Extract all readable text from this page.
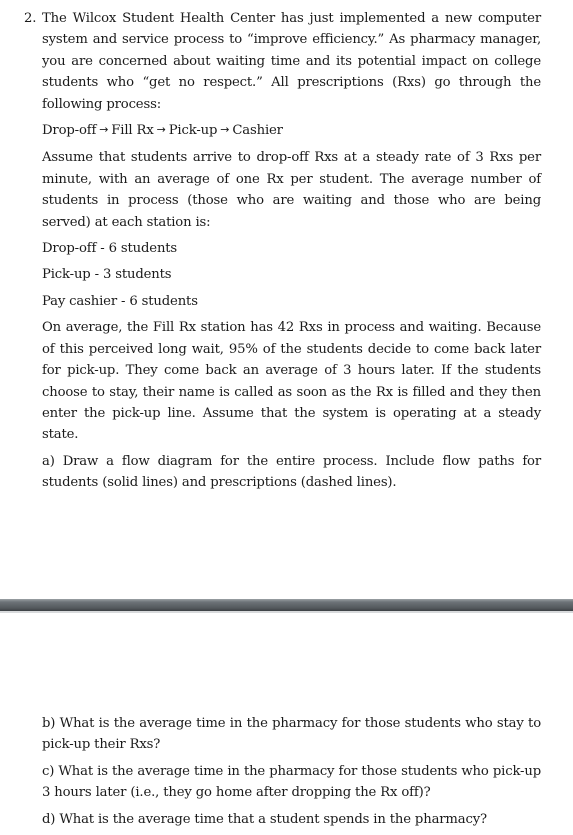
2. The Wilcox Student Health Center has just implemented a new computer system and service process to “improve efficiency.” As pharmacy manager, you are concerned about waiting time and its potential impact on college students who “get no respect.” All prescriptions (Rxs) go through the following process:

Drop-off → Fill Rx → Pick-up → Cashier

Assume that students arrive to drop-off Rxs at a steady rate of 3 Rxs per minute, with an average of one Rx per student. The average number of students in process (those who are waiting and those who are being served) at each station is:

Drop-off - 6 students
Pick-up - 3 students
Pay cashier - 6 students

On average, the Fill Rx station has 42 Rxs in process and waiting. Because of this perceived long wait, 95% of the students decide to come back later for pick-up. They come back an average of 3 hours later. If the students choose to stay, their name is called as soon as the Rx is filled and they then enter the pick-up line. Assume that the system is operating at a steady state.

a) Draw a flow diagram for the entire process. Include flow paths for students (solid lines) and prescriptions (dashed lines).

b) What is the average time in the pharmacy for those students who stay to pick-up their Rxs?

c) What is the average time in the pharmacy for those students who pick-up 3 hours later (i.e., they go home after dropping the Rx off)?

d) What is the average time that a student spends in the pharmacy?
